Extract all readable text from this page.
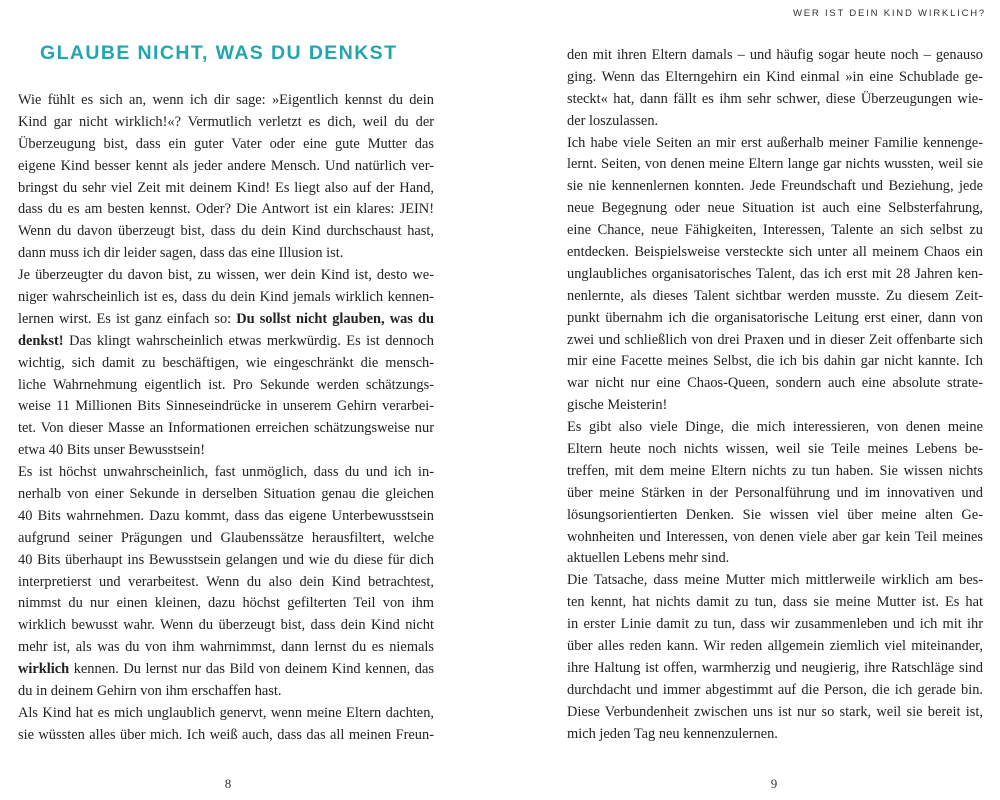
GLAUBE NICHT, WAS DU DENKST
Wie fühlt es sich an, wenn ich dir sage: »Eigentlich kennst du dein
Kind gar nicht wirklich!«? Vermutlich verletzt es dich, weil du der
Überzeugung bist, dass ein guter Vater oder eine gute Mutter das
eigene Kind besser kennt als jeder andere Mensch. Und natürlich ver-
bringst du sehr viel Zeit mit deinem Kind! Es liegt also auf der Hand,
dass du es am besten kennst. Oder? Die Antwort ist ein klares: JEIN!
Wenn du davon überzeugt bist, dass du dein Kind durchschaust hast,
dann muss ich dir leider sagen, dass das eine Illusion ist.
Je überzeugter du davon bist, zu wissen, wer dein Kind ist, desto we-
niger wahrscheinlich ist es, dass du dein Kind jemals wirklich kennen-
lernen wirst. Es ist ganz einfach so: Du sollst nicht glauben, was du
denkst! Das klingt wahrscheinlich etwas merkwürdig. Es ist dennoch
wichtig, sich damit zu beschäftigen, wie eingeschränkt die mensch-
liche Wahrnehmung eigentlich ist. Pro Sekunde werden schätzungs-
weise 11 Millionen Bits Sinneseindrücke in unserem Gehirn verarbei-
tet. Von dieser Masse an Informationen erreichen schätzungsweise nur
etwa 40 Bits unser Bewusstsein!
Es ist höchst unwahrscheinlich, fast unmöglich, dass du und ich in-
nerhalb von einer Sekunde in derselben Situation genau die gleichen
40 Bits wahrnehmen. Dazu kommt, dass das eigene Unterbewusstsein
aufgrund seiner Prägungen und Glaubenssätze herausfiltert, welche
40 Bits überhaupt ins Bewusstsein gelangen und wie du diese für dich
interpretierst und verarbeitest. Wenn du also dein Kind betrachtest,
nimmst du nur einen kleinen, dazu höchst gefilterten Teil von ihm
wirklich bewusst wahr. Wenn du überzeugt bist, dass dein Kind nicht
mehr ist, als was du von ihm wahrnimmst, dann lernst du es niemals
wirklich kennen. Du lernst nur das Bild von deinem Kind kennen, das
du in deinem Gehirn von ihm erschaffen hast.
Als Kind hat es mich unglaublich genervt, wenn meine Eltern dachten,
sie wüssten alles über mich. Ich weiß auch, dass das all meinen Freun-
8
WER IST DEIN KIND WIRKLICH?
den mit ihren Eltern damals – und häufig sogar heute noch – genauso
ging. Wenn das Elterngehirn ein Kind einmal »in eine Schublade ge-
steckt« hat, dann fällt es ihm sehr schwer, diese Überzeugungen wie-
der loszulassen.
Ich habe viele Seiten an mir erst außerhalb meiner Familie kennenge-
lernt. Seiten, von denen meine Eltern lange gar nichts wussten, weil sie
sie nie kennenlernen konnten. Jede Freundschaft und Beziehung, jede
neue Begegnung oder neue Situation ist auch eine Selbsterfahrung,
eine Chance, neue Fähigkeiten, Interessen, Talente an sich selbst zu
entdecken. Beispielsweise versteckte sich unter all meinem Chaos ein
unglaubliches organisatorisches Talent, das ich erst mit 28 Jahren ken-
nenlernte, als dieses Talent sichtbar werden musste. Zu diesem Zeit-
punkt übernahm ich die organisatorische Leitung erst einer, dann von
zwei und schließlich von drei Praxen und in dieser Zeit offenbarte sich
mir eine Facette meines Selbst, die ich bis dahin gar nicht kannte. Ich
war nicht nur eine Chaos-Queen, sondern auch eine absolute strate-
gische Meisterin!
Es gibt also viele Dinge, die mich interessieren, von denen meine
Eltern heute noch nichts wissen, weil sie Teile meines Lebens be-
treffen, mit dem meine Eltern nichts zu tun haben. Sie wissen nichts
über meine Stärken in der Personalführung und im innovativen und
lösungsorientierten Denken. Sie wissen viel über meine alten Ge-
wohnheiten und Interessen, von denen viele aber gar kein Teil meines
aktuellen Lebens mehr sind.
Die Tatsache, dass meine Mutter mich mittlerweile wirklich am bes-
ten kennt, hat nichts damit zu tun, dass sie meine Mutter ist. Es hat
in erster Linie damit zu tun, dass wir zusammenleben und ich mit ihr
über alles reden kann. Wir reden allgemein ziemlich viel miteinander,
ihre Haltung ist offen, warmherzig und neugierig, ihre Ratschläge sind
durchdacht und immer abgestimmt auf die Person, die ich gerade bin.
Diese Verbundenheit zwischen uns ist nur so stark, weil sie bereit ist,
mich jeden Tag neu kennenzulernen.
9
